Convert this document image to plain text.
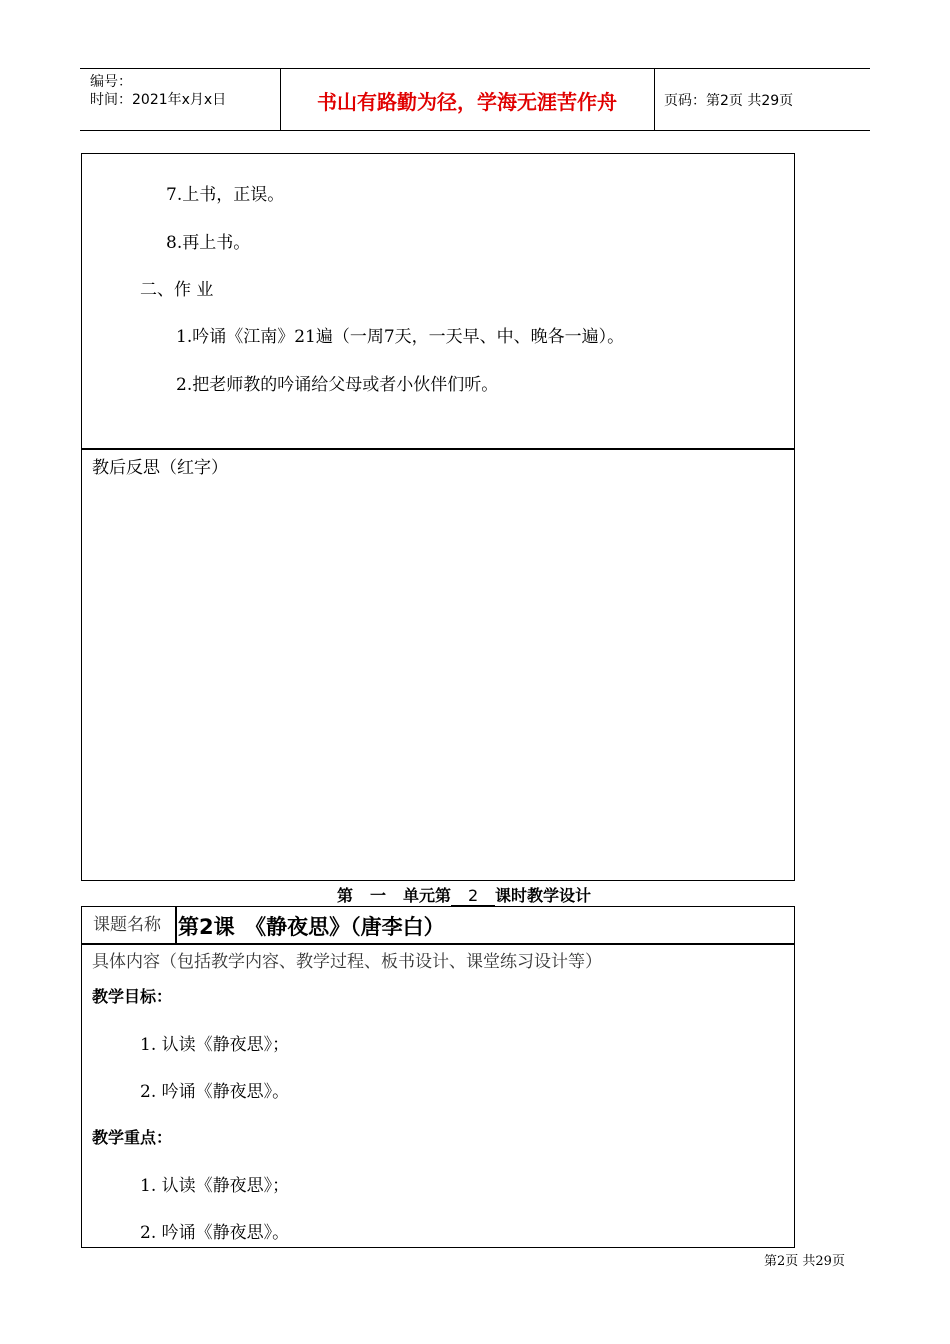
编号：
时间：2021年x月x日	书山有路勤为径，学海无涯苦作舟	页码：第2页 共29页
7.上书，正误。
8.再上书。
二、作 业
1.吟诵《江南》21遍（一周7天，一天早、中、晚各一遍）。
2.把老师教的吟诵给父母或者小伙伴们听。
教后反思（红字）
第 一 单元第 2 课时教学设计
课题名称 第2课　《静夜思》（唐李白）
具体内容（包括教学内容、教学过程、板书设计、课堂练习设计等）
教学目标：
1. 认读《静夜思》；
2. 吟诵《静夜思》。
教学重点：
1. 认读《静夜思》；
2. 吟诵《静夜思》。
第2页 共29页
